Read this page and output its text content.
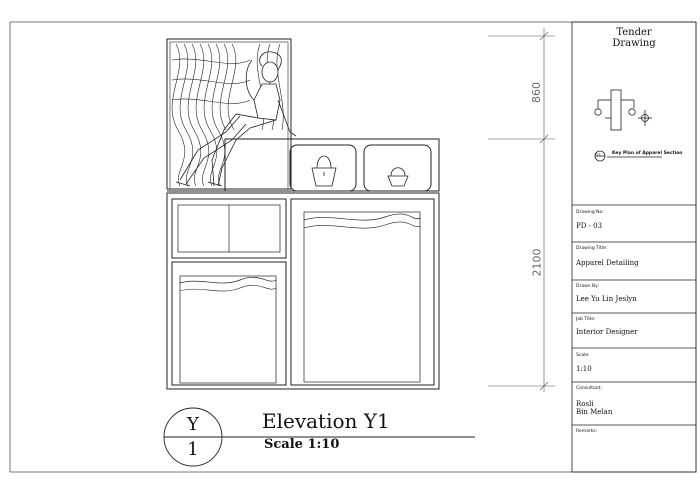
860
2100
Y
1
Elevation Y1
Scale 1:10
Tender
Drawing
Y1 Key Plan of Apparel Section
Drawing No:
PD - 03
Drawing Title:
Apparel Detailing
Drawn By:
Lee Yu Lin Jeslyn
Job Title:
Interior Designer
Scale:
1:10
Consultant:
Rosli
Bin Melan
Remarks:
